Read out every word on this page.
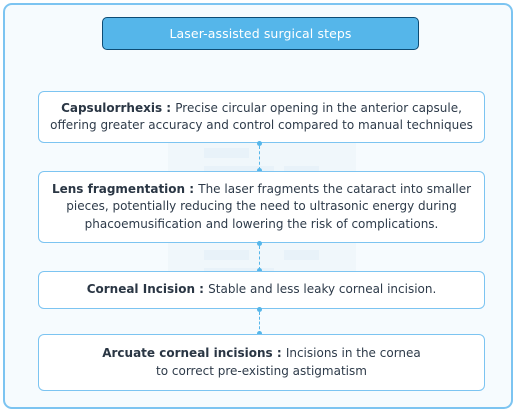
Laser-assisted surgical steps
Capsulorrhexis : Precise circular opening in the anterior capsule, offering greater accuracy and control compared to manual techniques
Lens fragmentation : The laser fragments the cataract into smaller pieces, potentially reducing the need to ultrasonic energy during phacoemusification and lowering the risk of complications.
Corneal Incision : Stable and less leaky corneal incision.
Arcuate corneal incisions : Incisions in the cornea to correct pre-existing astigmatism
